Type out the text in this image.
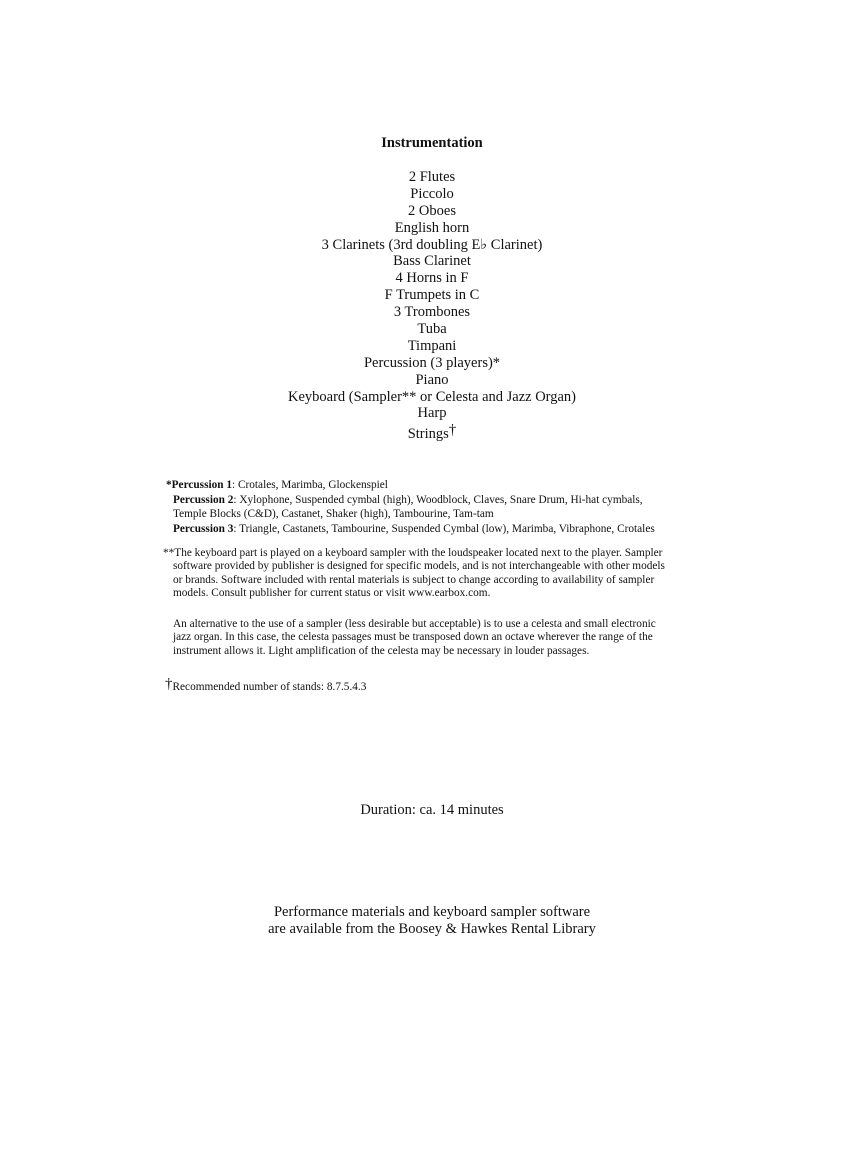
Instrumentation
2 Flutes
Piccolo
2 Oboes
English horn
3 Clarinets (3rd doubling E♭ Clarinet)
Bass Clarinet
4 Horns in F
F Trumpets in C
3 Trombones
Tuba
Timpani
Percussion (3 players)*
Piano
Keyboard (Sampler** or Celesta and Jazz Organ)
Harp
Strings†
*Percussion 1: Crotales, Marimba, Glockenspiel
Percussion 2: Xylophone, Suspended cymbal (high), Woodblock, Claves, Snare Drum, Hi-hat cymbals,
Temple Blocks (C&D), Castanet, Shaker (high), Tambourine, Tam-tam
Percussion 3: Triangle, Castanets, Tambourine, Suspended Cymbal (low), Marimba, Vibraphone, Crotales
**The keyboard part is played on a keyboard sampler with the loudspeaker located next to the player. Sampler
software provided by publisher is designed for specific models, and is not interchangeable with other models
or brands. Software included with rental materials is subject to change according to availability of sampler
models. Consult publisher for current status or visit www.earbox.com.
An alternative to the use of a sampler (less desirable but acceptable) is to use a celesta and small electronic
jazz organ. In this case, the celesta passages must be transposed down an octave wherever the range of the
instrument allows it. Light amplification of the celesta may be necessary in louder passages.
†Recommended number of stands: 8.7.5.4.3
Duration: ca. 14 minutes
Performance materials and keyboard sampler software
are available from the Boosey & Hawkes Rental Library
